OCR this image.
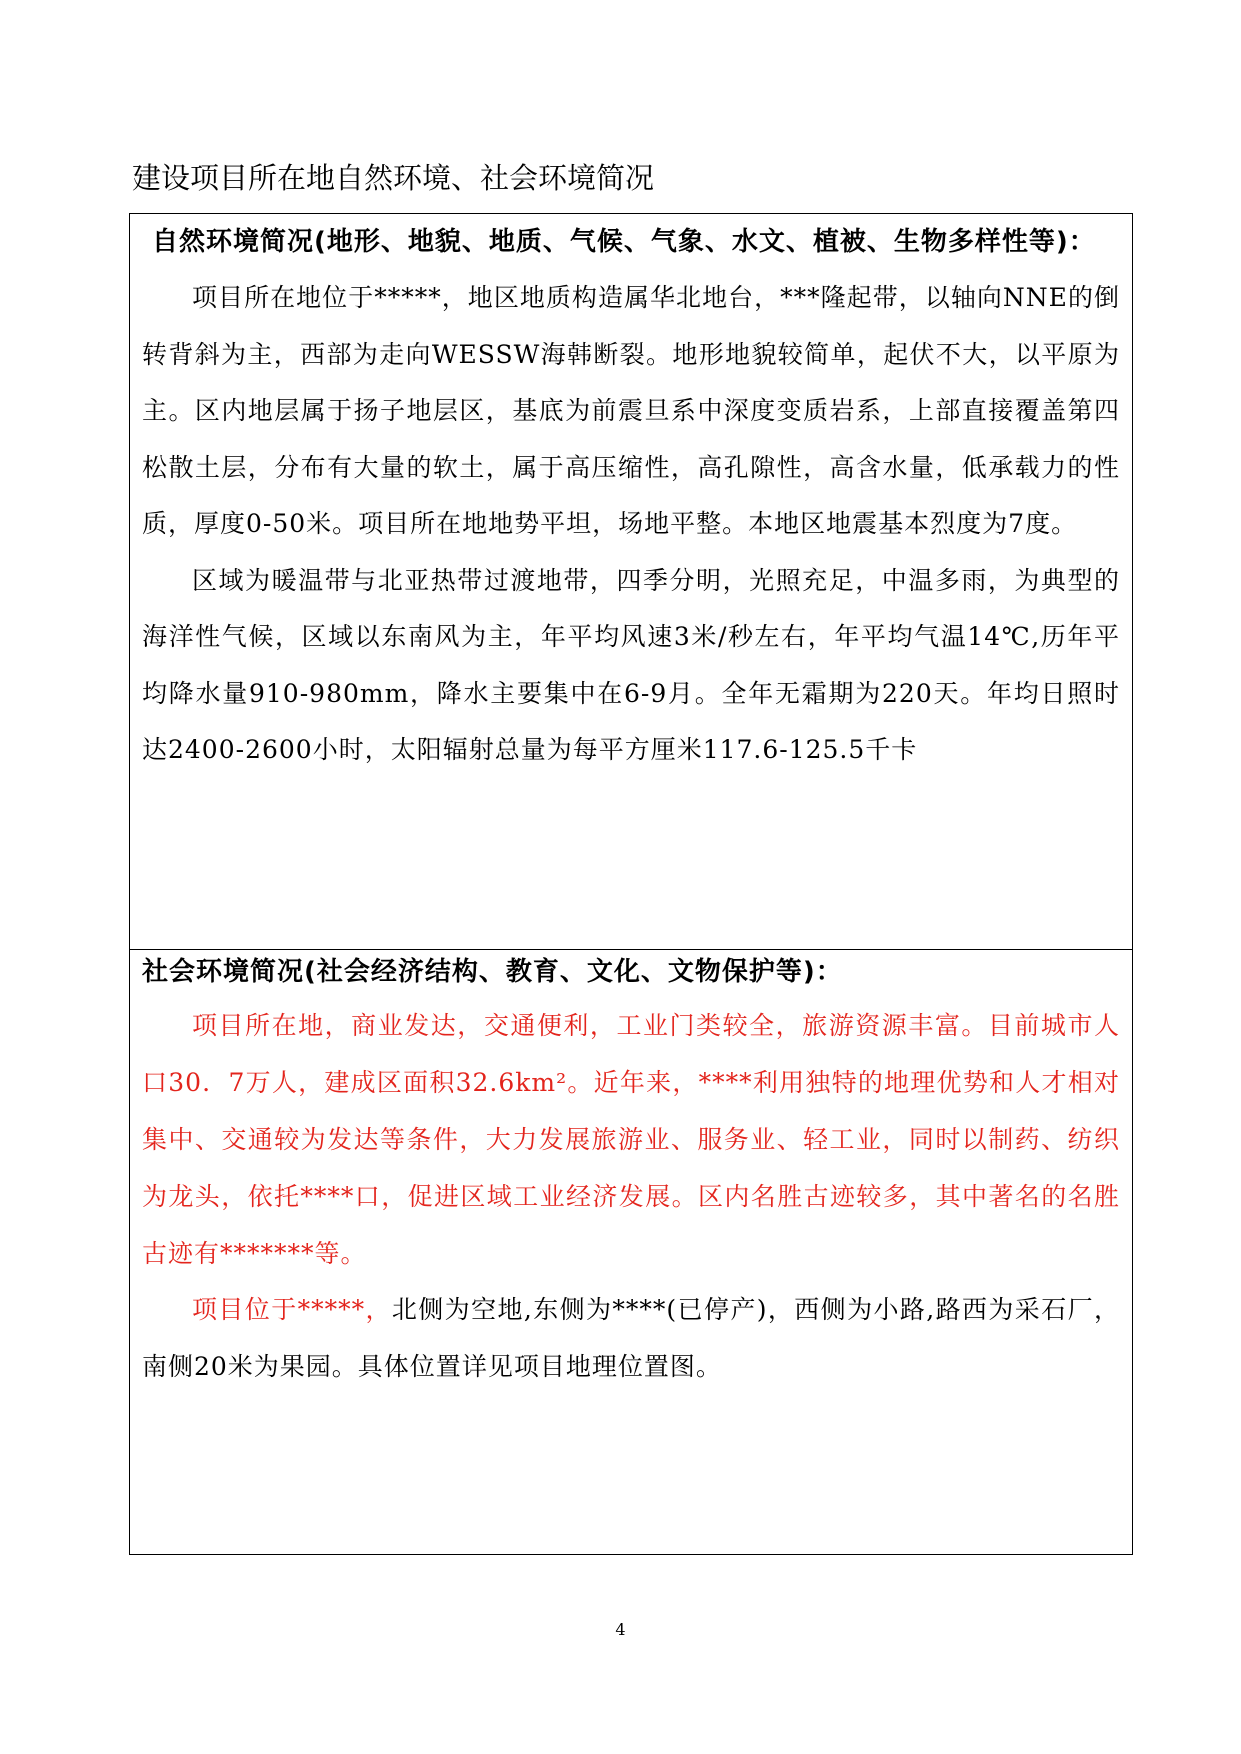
建设项目所在地自然环境、社会环境简况
自然环境简况(地形、地貌、地质、气候、气象、水文、植被、生物多样性等)：

项目所在地位于*****，地区地质构造属华北地台，***隆起带，以轴向NNE的倒转背斜为主，西部为走向WESSW海韩断裂。地形地貌较简单，起伏不大，以平原为主。区内地层属于扬子地层区，基底为前震旦系中深度变质岩系，上部直接覆盖第四松散土层，分布有大量的软土，属于高压缩性，高孔隙性，高含水量，低承载力的性质，厚度0-50米。项目所在地地势平坦，场地平整。本地区地震基本烈度为7度。

区域为暖温带与北亚热带过渡地带，四季分明，光照充足，中温多雨，为典型的海洋性气候，区域以东南风为主，年平均风速3米/秒左右，年平均气温14℃,历年平均降水量910-980mm，降水主要集中在6-9月。全年无霜期为220天。年均日照时达2400-2600小时，太阳辐射总量为每平方厘米117.6-125.5千卡

社会环境简况(社会经济结构、教育、文化、文物保护等)：

项目所在地，商业发达，交通便利，工业门类较全，旅游资源丰富。目前城市人口30．7万人，建成区面积32.6km²。近年来，****利用独特的地理优势和人才相对集中、交通较为发达等条件，大力发展旅游业、服务业、轻工业，同时以制药、纺织为龙头，依托****口，促进区域工业经济发展。区内名胜古迹较多，其中著名的名胜古迹有*******等。

项目位于*****，北侧为空地,东侧为****(已停产)，西侧为小路,路西为采石厂，南侧20米为果园。具体位置详见项目地理位置图。

4
